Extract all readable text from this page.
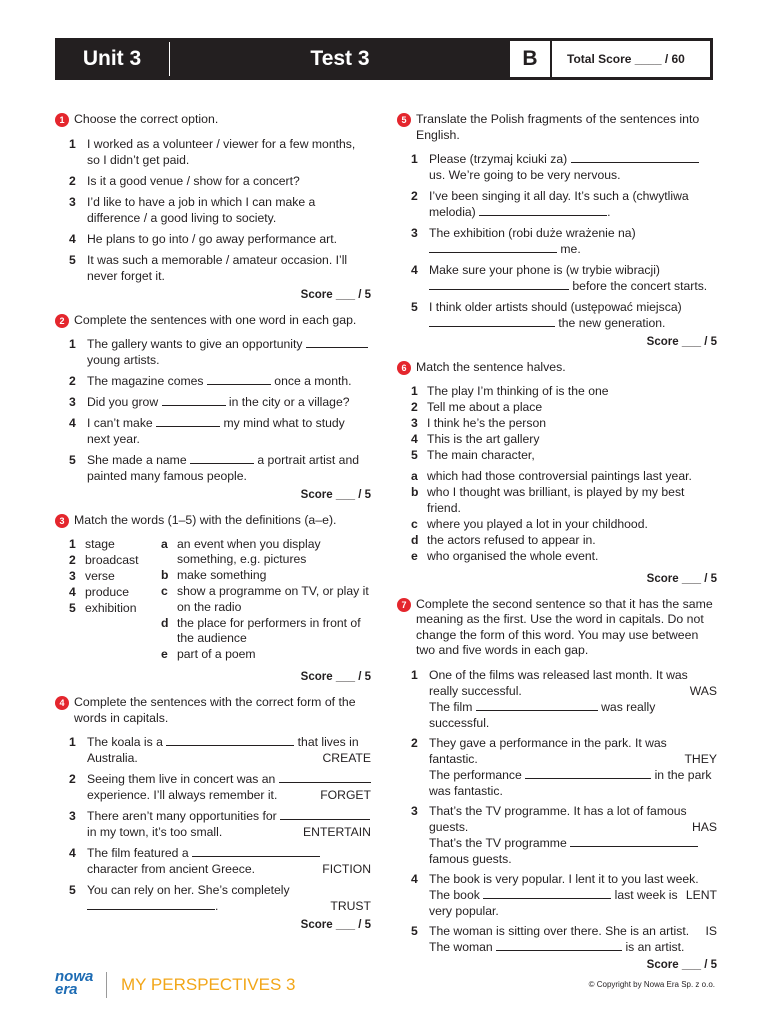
Unit 3	Test 3	B	Total Score ____ / 60
1 Choose the correct option.
1 I worked as a volunteer / viewer for a few months, so I didn’t get paid.
2 Is it a good venue / show for a concert?
3 I’d like to have a job in which I can make a difference / a good living to society.
4 He plans to go into / go away performance art.
5 It was such a memorable / amateur occasion. I’ll never forget it.
Score ___ / 5
2 Complete the sentences with one word in each gap.
1 The gallery wants to give an opportunity  young artists.
2 The magazine comes	once a month.
3 Did you grow	in the city or a village?
4 I can’t make	my mind what to study next year.
5 She made a name	a portrait artist and painted many famous people.
Score ___ / 5
3 Match the words (1–5) with the definitions (a–e).
1 stage
2 broadcast
3 verse
4 produce
5 exhibition
a an event when you display something, e.g. pictures
b make something
c show a programme on TV, or play it on the radio
d the place for performers in front of the audience
e part of a poem
Score ___ / 5
4 Complete the sentences with the correct form of the words in capitals.
1 The koala is a	that lives in Australia.	CREATE
2 Seeing them live in concert was an  experience. I’ll always remember it.	FORGET
3 There aren’t many opportunities for  in my town, it’s too small.	ENTERTAIN
4 The film featured a  character from ancient Greece.	FICTION
5 You can rely on her. She’s completely .	TRUST
Score ___ / 5
5 Translate the Polish fragments of the sentences into English.
1 Please (trzymaj kciuki za)  us. We’re going to be very nervous.
2 I’ve been singing it all day. It’s such a (chwytliwa melodia)	.
3 The exhibition (robi duże wrażenie na)  me.
4 Make sure your phone is (w trybie wibracji)  before the concert starts.
5 I think older artists should (ustępować miejsca)  the new generation.
Score ___ / 5
6 Match the sentence halves.
1 The play I’m thinking of is the one
2 Tell me about a place
3 I think he’s the person
4 This is the art gallery
5 The main character,
a which had those controversial paintings last year.
b who I thought was brilliant, is played by my best friend.
c where you played a lot in your childhood.
d the actors refused to appear in.
e who organised the whole event.
Score ___ / 5
7 Complete the second sentence so that it has the same meaning as the first. Use the word in capitals. Do not change the form of this word. You may use between two and five words in each gap.
1 One of the films was released last month. It was really successful.	WAS

The film	was really successful.
2 They gave a performance in the park. It was fantastic.	THEY

The performance	in the park was fantastic.
3 That’s the TV programme. It has a lot of famous guests.	HAS

That’s the TV programme  famous guests.
4 The book is very popular. I lent it to you last week.
LENT

The book	last week is very popular.
5 The woman is sitting over there. She is an artist. IS

The woman	is an artist.
Score ___ / 5
nowa
era	MY PERSPECTIVES 3	© Copyright by Nowa Era Sp. z o.o.
